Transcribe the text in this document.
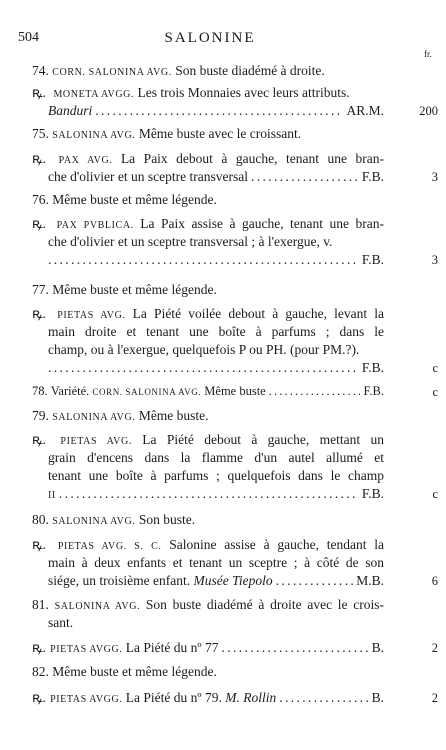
504	SALONINE
fr.
74. CORN. SALONINA AVG. Son buste diadémé à droite.
ꝶ. MONETA AVGG. Les trois Monnaies avec leurs attributs.
Banduri . . .	AR.M.	200
75. SALONINA AVG. Même buste avec le croissant.
ꝶ. PAX AVG. La Paix debout à gauche, tenant une bran-
che d'olivier et un sceptre transversal . . .	F.B.	3
76. Même buste et même légende.
ꝶ. PAX PVBLICA. La Paix assise à gauche, tenant une bran-
che d'olivier et un sceptre transversal ; à l'exergue, v.
. . .
F.B.	3
77. Même buste et même légende.
ꝶ. PIETAS AVG. La Piété voilée debout à gauche, levant la
main droite et tenant une boîte à parfums ; dans le
champ, ou à l'exergue, quelquefois P ou PH. (pour PM.?).
. . .
F.B.	c
78.
Variété.
CORN. SALONINA AVG.
Même buste . . .	F.B.	c
79. SALONINA AVG. Même buste.
ꝶ. PIETAS AVG. La Piété debout à gauche, mettant un
grain d'encens dans la flamme d'un autel allumé et
tenant une boîte à parfums ; quelquefois dans le champ
II . . .	F.B.	c
80. SALONINA AVG. Son buste.
ꝶ. PIETAS AVG. S. C. Salonine assise à gauche, tendant la
main à deux enfants et tenant un sceptre ; à côté de son
siége, un troisième enfant.
Musée Tiepolo . . .	M.B.	6
81. SALONINA AVG. Son buste diadémé à droite avec le crois-
sant.
ꝶ. PIETAS AVGG.
La Piété du nº 77 . . .	B.	2
82. Même buste et même légende.
ꝶ. PIETAS AVGG.
La Piété du nº 79.
M. Rollin . . .	B.	2
